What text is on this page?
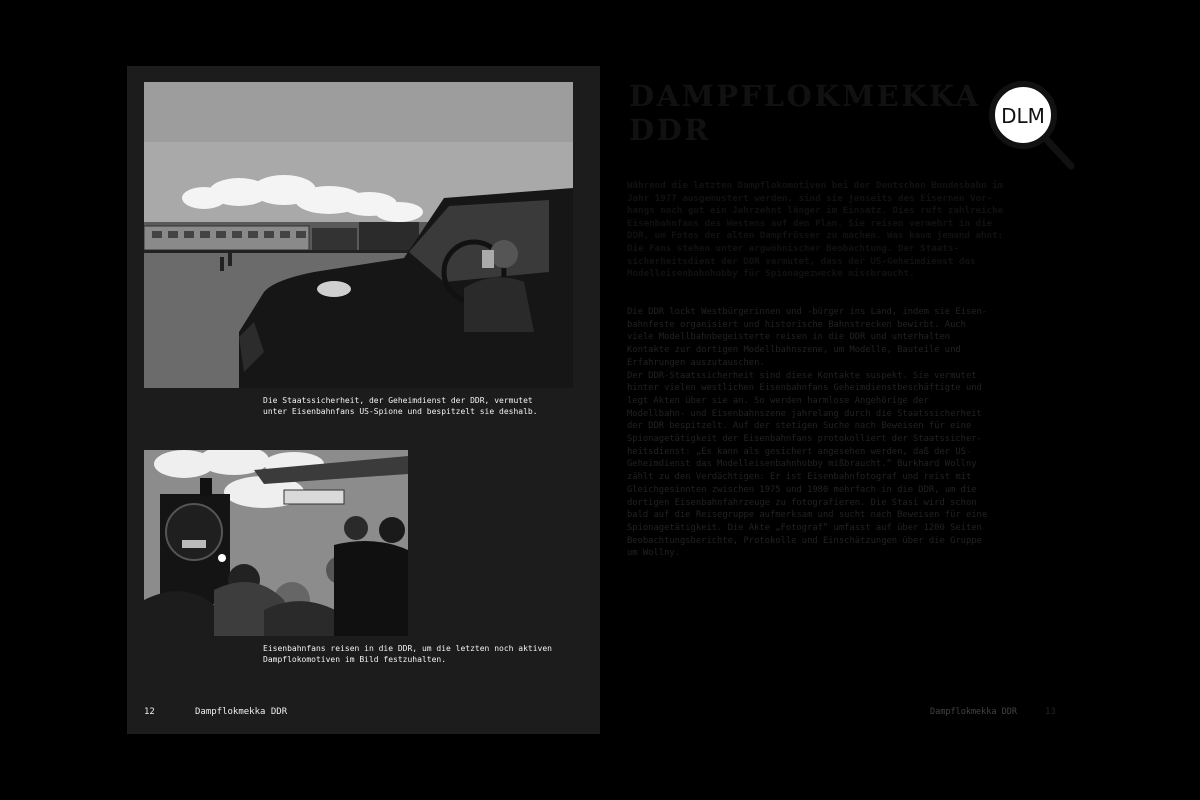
Die Staatssicherheit, der Geheimdienst der DDR, vermutet
unter Eisenbahnfans US-Spione und bespitzelt sie deshalb.
Eisenbahnfans reisen in die DDR, um die letzten noch aktiven
Dampflokomotiven im Bild festzuhalten.
12	Dampflokmekka DDR
DAMPFLOKMEKKA
DDR	DLM
Während die letzten Dampflokomotiven bei der Deutschen Bundesbahn im
Jahr 1977 ausgemustert werden, sind sie jenseits des Eisernen Vor-
hangs noch gut ein Jahrzehnt länger im Einsatz. Dies ruft zahlreiche
Eisenbahnfans des Westens auf den Plan. Sie reisen vermehrt in die
DDR, um Fotos der alten Dampfrösser zu machen. Was kaum jemand ahnt:
Die Fans stehen unter argwöhnischer Beobachtung. Der Staats-
sicherheitsdient der DDR vermutet, dass der US-Geheimdienst das
Modelleisenbahnhobby für Spionagezwecke missbraucht.
Die DDR lockt Westbürgerinnen und -bürger ins Land, indem sie Eisen-
bahnfeste organisiert und historische Bahnstrecken bewirbt. Auch
viele Modellbahnbegeisterte reisen in die DDR und unterhalten
Kontakte zur dortigen Modellbahnszene, um Modelle, Bauteile und
Erfahrungen auszutauschen.
Der DDR-Staatssicherheit sind diese Kontakte suspekt. Sie vermutet
hinter vielen westlichen Eisenbahnfans Geheimdienstbeschäftigte und
legt Akten über sie an. So werden harmlose Angehörige der
Modellbahn- und Eisenbahnszene jahrelang durch die Staatssicherheit
der DDR bespitzelt. Auf der stetigen Suche nach Beweisen für eine
Spionagetätigkeit der Eisenbahnfans protokolliert der Staatssicher-
heitsdienst: „Es kann als gesichert angesehen werden, daß der US-
Geheimdienst das Modelleisenbahnhobby mißbraucht.“ Burkhard Wollny
zählt zu den Verdächtigen: Er ist Eisenbahnfotograf und reist mit
Gleichgesinnten zwischen 1975 und 1980 mehrfach in die DDR, um die
dortigen Eisenbahnfahrzeuge zu fotografieren. Die Stasi wird schon
bald auf die Reisegruppe aufmerksam und sucht nach Beweisen für eine
Spionagetätigkeit. Die Akte „Fotograf“ umfasst auf über 1200 Seiten
Beobachtungsberichte, Protokolle und Einschätzungen über die Gruppe
um Wollny.
Dampflokmekka DDR	13
